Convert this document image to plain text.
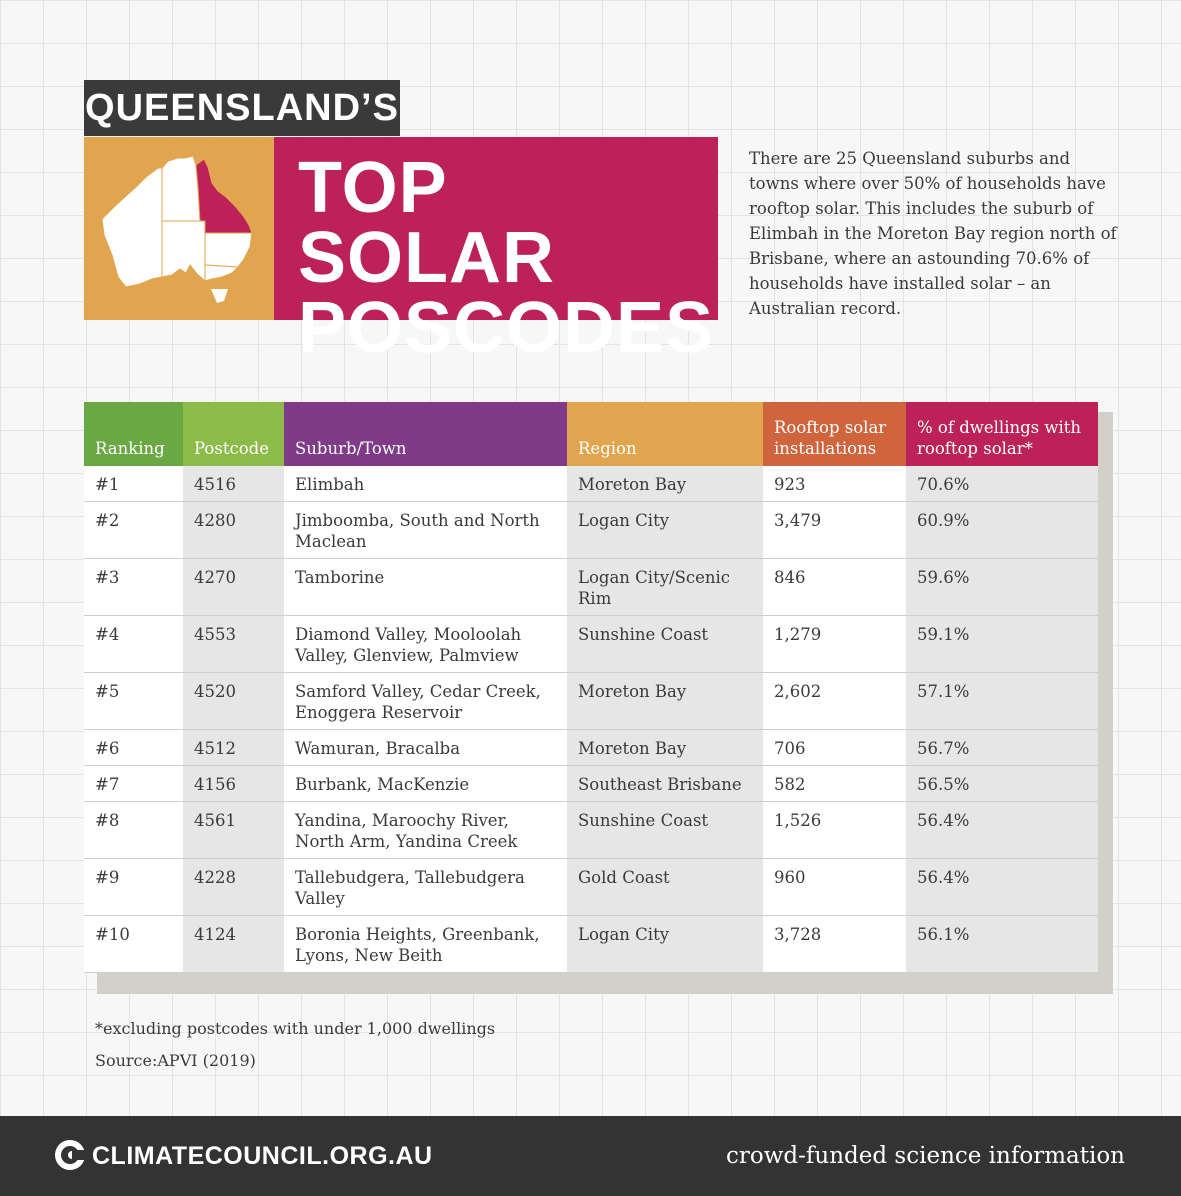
QUEENSLAND’S
TOP SOLAR
POSCODES
There are 25 Queensland suburbs and towns where over 50% of households have rooftop solar. This includes the suburb of Elimbah in the Moreton Bay region north of Brisbane, where an astounding 70.6% of households have installed solar – an Australian record.
Ranking	Postcode	Suburb/Town	Region	Rooftop solar installations	% of dwellings with rooftop solar*
#1	4516	Elimbah	Moreton Bay	923	70.6%
#2	4280	Jimboomba, South and North Maclean	Logan City	3,479	60.9%
#3	4270	Tamborine	Logan City/Scenic Rim	846	59.6%
#4	4553	Diamond Valley, Mooloolah Valley, Glenview, Palmview	Sunshine Coast	1,279	59.1%
#5	4520	Samford Valley, Cedar Creek, Enoggera Reservoir	Moreton Bay	2,602	57.1%
#6	4512	Wamuran, Bracalba	Moreton Bay	706	56.7%
#7	4156	Burbank, MacKenzie	Southeast Brisbane	582	56.5%
#8	4561	Yandina, Maroochy River, North Arm, Yandina Creek	Sunshine Coast	1,526	56.4%
#9	4228	Tallebudgera, Tallebudgera Valley	Gold Coast	960	56.4%
#10	4124	Boronia Heights, Greenbank, Lyons, New Beith	Logan City	3,728	56.1%
*excluding postcodes with under 1,000 dwellings
Source:APVI (2019)
CLIMATECOUNCIL.ORG.AU	crowd-funded science information
